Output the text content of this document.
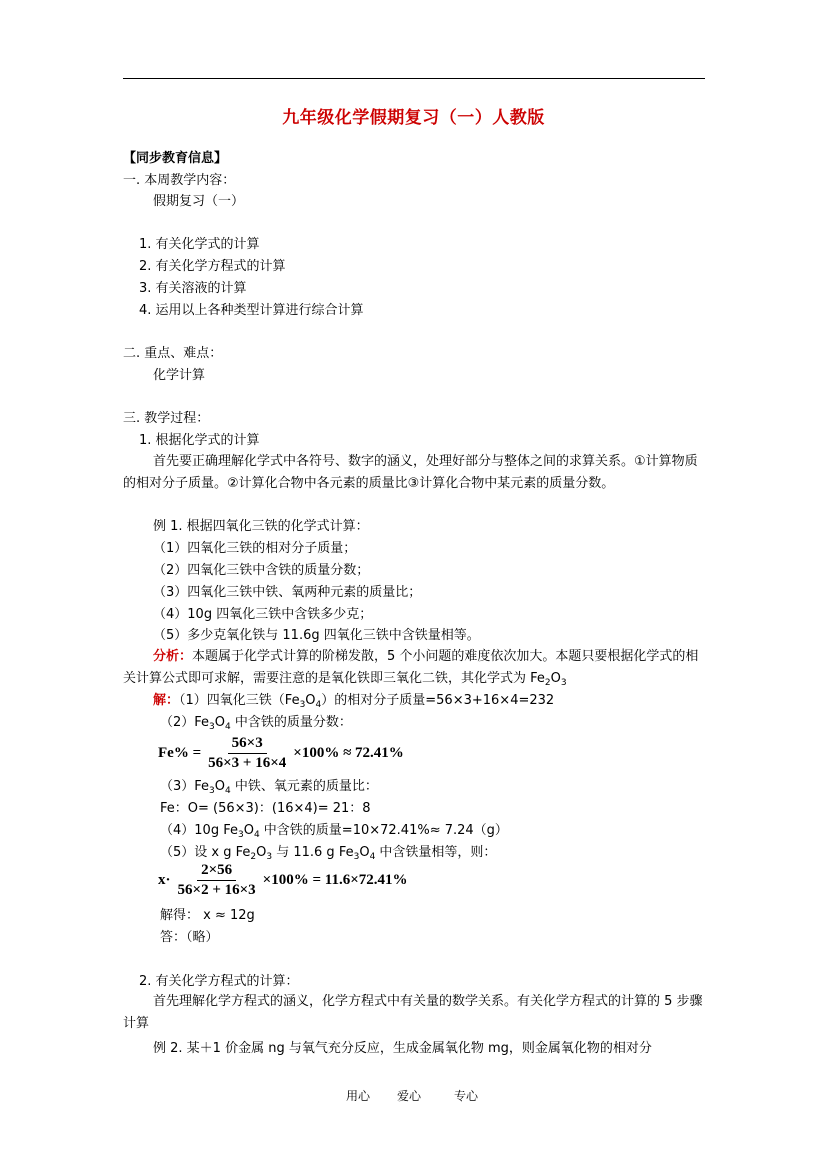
九年级化学假期复习（一）人教版
【同步教育信息】
一. 本周教学内容：
假期复习（一）
1. 有关化学式的计算
2. 有关化学方程式的计算
3. 有关溶液的计算
4. 运用以上各种类型计算进行综合计算
二. 重点、难点：
化学计算
三. 教学过程：
1. 根据化学式的计算
首先要正确理解化学式中各符号、数字的涵义，处理好部分与整体之间的求算关系。①计算物质的相对分子质量。②计算化合物中各元素的质量比③计算化合物中某元素的质量分数。
例 1. 根据四氧化三铁的化学式计算：
（1）四氧化三铁的相对分子质量；
（2）四氧化三铁中含铁的质量分数；
（3）四氧化三铁中铁、氧两种元素的质量比；
（4）10g 四氧化三铁中含铁多少克；
（5）多少克氧化铁与 11.6g 四氧化三铁中含铁量相等。
分析：本题属于化学式计算的阶梯发散，5 个小问题的难度依次加大。本题只要根据化学式的相关计算公式即可求解，需要注意的是氧化铁即三氧化二铁，其化学式为 $Fe_2O_3$
解：（1）四氧化三铁$(Fe_3O_4)$的相对分子质量=56×3+16×4=232
$(2)Fe_3O_4$ 中含铁的质量分数：
$Fe\% = \frac{56\times 3}{56\times 3 + 16\times 4} \times 100\% \approx 72.41\%$
$(3)Fe_3O_4$ 中铁、氧元素的质量比：
Fe：O= (56×3)：(16×4)= 21：8
（4）10g $Fe_3O_4$ 中含铁的质量=10×72.41%≈ 7.24（g）
（5）设 x g $Fe_2O_3$ 与 11.6 g $Fe_3O_4$ 中含铁量相等，则：
$x\cdot \frac{2\times 56}{56\times 2 + 16\times 3} \times 100\% = 11.6\times 72.41\%$
解得： x ≈ 12g
答：（略）
2. 有关化学方程式的计算：
首先理解化学方程式的涵义，化学方程式中有关量的数学关系。有关化学方程式的计算的 5 步骤计算
例 2. 某＋1 价金属 ng 与氧气充分反应，生成金属氧化物 mg，则金属氧化物的相对分
用心 爱心	专心
